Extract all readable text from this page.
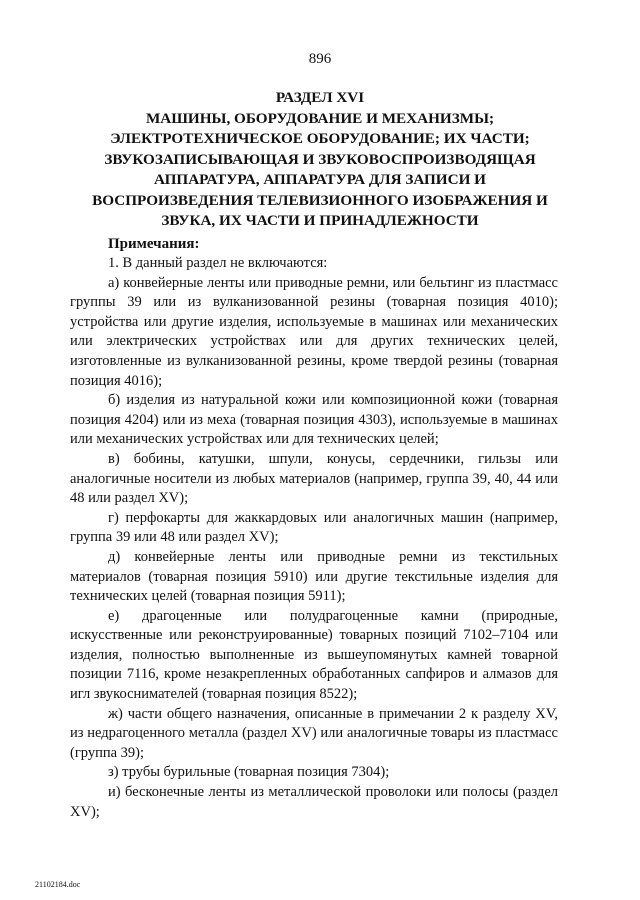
896
РАЗДЕЛ XVI
МАШИНЫ, ОБОРУДОВАНИЕ И МЕХАНИЗМЫ;
ЭЛЕКТРОТЕХНИЧЕСКОЕ ОБОРУДОВАНИЕ; ИХ ЧАСТИ;
ЗВУКОЗАПИСЫВАЮЩАЯ И ЗВУКОВОСПРОИЗВОДЯЩАЯ
АППАРАТУРА, АППАРАТУРА ДЛЯ ЗАПИСИ И
ВОСПРОИЗВЕДЕНИЯ ТЕЛЕВИЗИОННОГО ИЗОБРАЖЕНИЯ И
ЗВУКА, ИХ ЧАСТИ И ПРИНАДЛЕЖНОСТИ
Примечания:

1. В данный раздел не включаются:

а) конвейерные ленты или приводные ремни, или бельтинг из пластмасс группы 39 или из вулканизованной резины (товарная позиция 4010); устройства или другие изделия, используемые в машинах или механических или электрических устройствах или для других технических целей, изготовленные из вулканизованной резины, кроме твердой резины (товарная позиция 4016);

б) изделия из натуральной кожи или композиционной кожи (товарная позиция 4204) или из меха (товарная позиция 4303), используемые в машинах или механических устройствах или для технических целей;

в) бобины, катушки, шпули, конусы, сердечники, гильзы или аналогичные носители из любых материалов (например, группа 39, 40, 44 или 48 или раздел XV);

г) перфокарты для жаккардовых или аналогичных машин (например, группа 39 или 48 или раздел XV);

д) конвейерные ленты или приводные ремни из текстильных материалов (товарная позиция 5910) или другие текстильные изделия для технических целей (товарная позиция 5911);

е) драгоценные или полудрагоценные камни (природные, искусственные или реконструированные) товарных позиций 7102–7104 или изделия, полностью выполненные из вышеупомянутых камней товарной позиции 7116, кроме незакрепленных обработанных сапфиров и алмазов для игл звукоснимателей (товарная позиция 8522);

ж) части общего назначения, описанные в примечании 2 к разделу XV, из недрагоценного металла (раздел XV) или аналогичные товары из пластмасс (группа 39);

з) трубы бурильные (товарная позиция 7304);

и) бесконечные ленты из металлической проволоки или полосы (раздел XV);

21102184.doc
